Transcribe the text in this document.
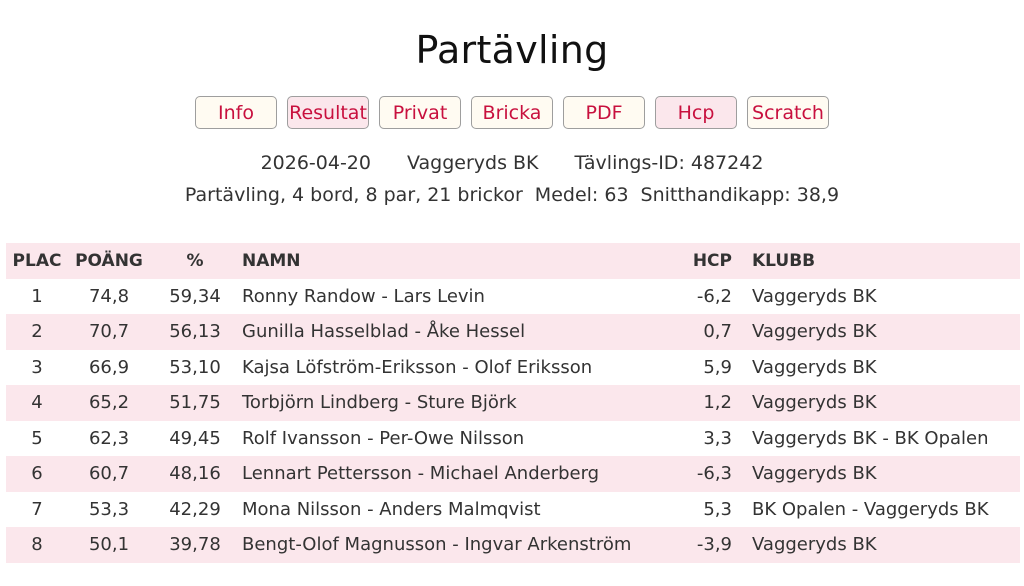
Partävling
Info	Resultat	Privat	Bricka	PDF	Hcp	Scratch
2026-04-20 Vaggeryds BK Tävlings-ID: 487242
Partävling, 4 bord, 8 par, 21 brickor Medel: 63 Snitthandikapp: 38,9
PLAC	POÄNG	%	NAMN	HCP	KLUBB
1	74,8	59,34	Ronny Randow - Lars Levin	-6,2	Vaggeryds BK
2	70,7	56,13	Gunilla Hasselblad - Åke Hessel	0,7	Vaggeryds BK
3	66,9	53,10	Kajsa Löfström-Eriksson - Olof Eriksson	5,9	Vaggeryds BK
4	65,2	51,75	Torbjörn Lindberg - Sture Björk	1,2	Vaggeryds BK
5	62,3	49,45	Rolf Ivansson - Per-Owe Nilsson	3,3	Vaggeryds BK - BK Opalen
6	60,7	48,16	Lennart Pettersson - Michael Anderberg	-6,3	Vaggeryds BK
7	53,3	42,29	Mona Nilsson - Anders Malmqvist	5,3	BK Opalen - Vaggeryds BK
8	50,1	39,78	Bengt-Olof Magnusson - Ingvar Arkenström	-3,9	Vaggeryds BK
